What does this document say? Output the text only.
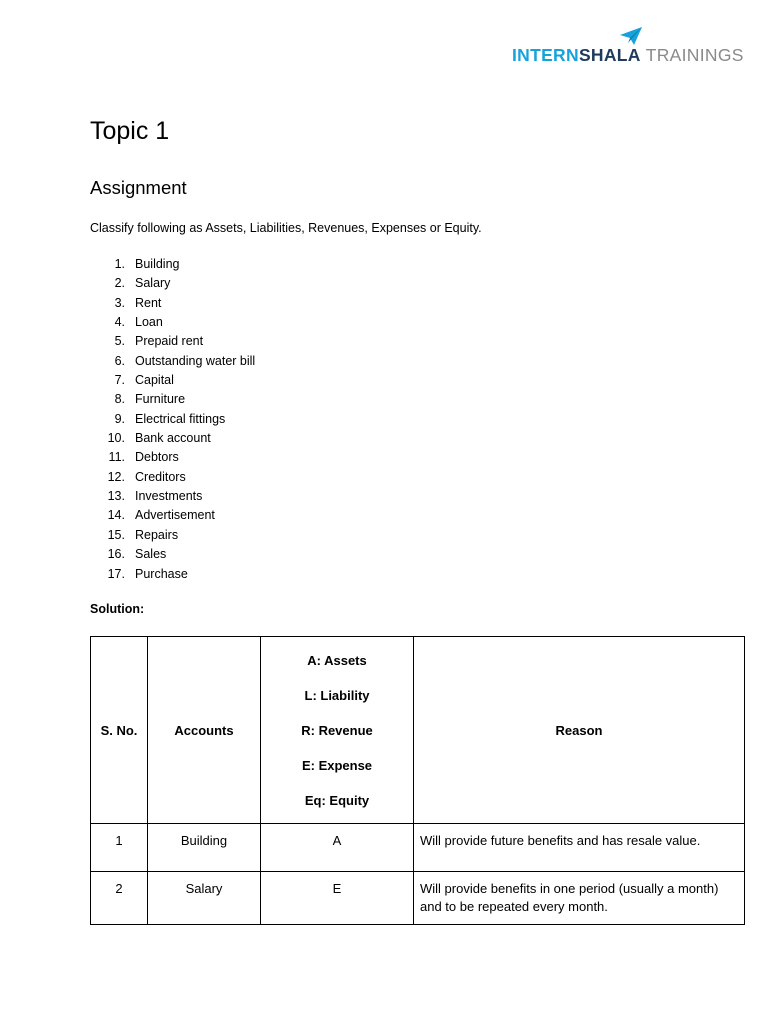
INTERNSHALA TRAININGS
Topic 1
Assignment

Classify following as Assets, Liabilities, Revenues, Expenses or Equity.

1. Building
2. Salary
3. Rent
4. Loan
5. Prepaid rent
6. Outstanding water bill
7. Capital
8. Furniture
9. Electrical fittings
10. Bank account
11. Debtors
12. Creditors
13. Investments
14. Advertisement
15. Repairs
16. Sales
17. Purchase

Solution:

S. No.	Accounts	A: Assets
L: Liability
R: Revenue
E: Expense
Eq: Equity	Reason
1	Building	A	Will provide future benefits and has resale value.
2	Salary	E	Will provide benefits in one period (usually a month) and to be repeated every month.
